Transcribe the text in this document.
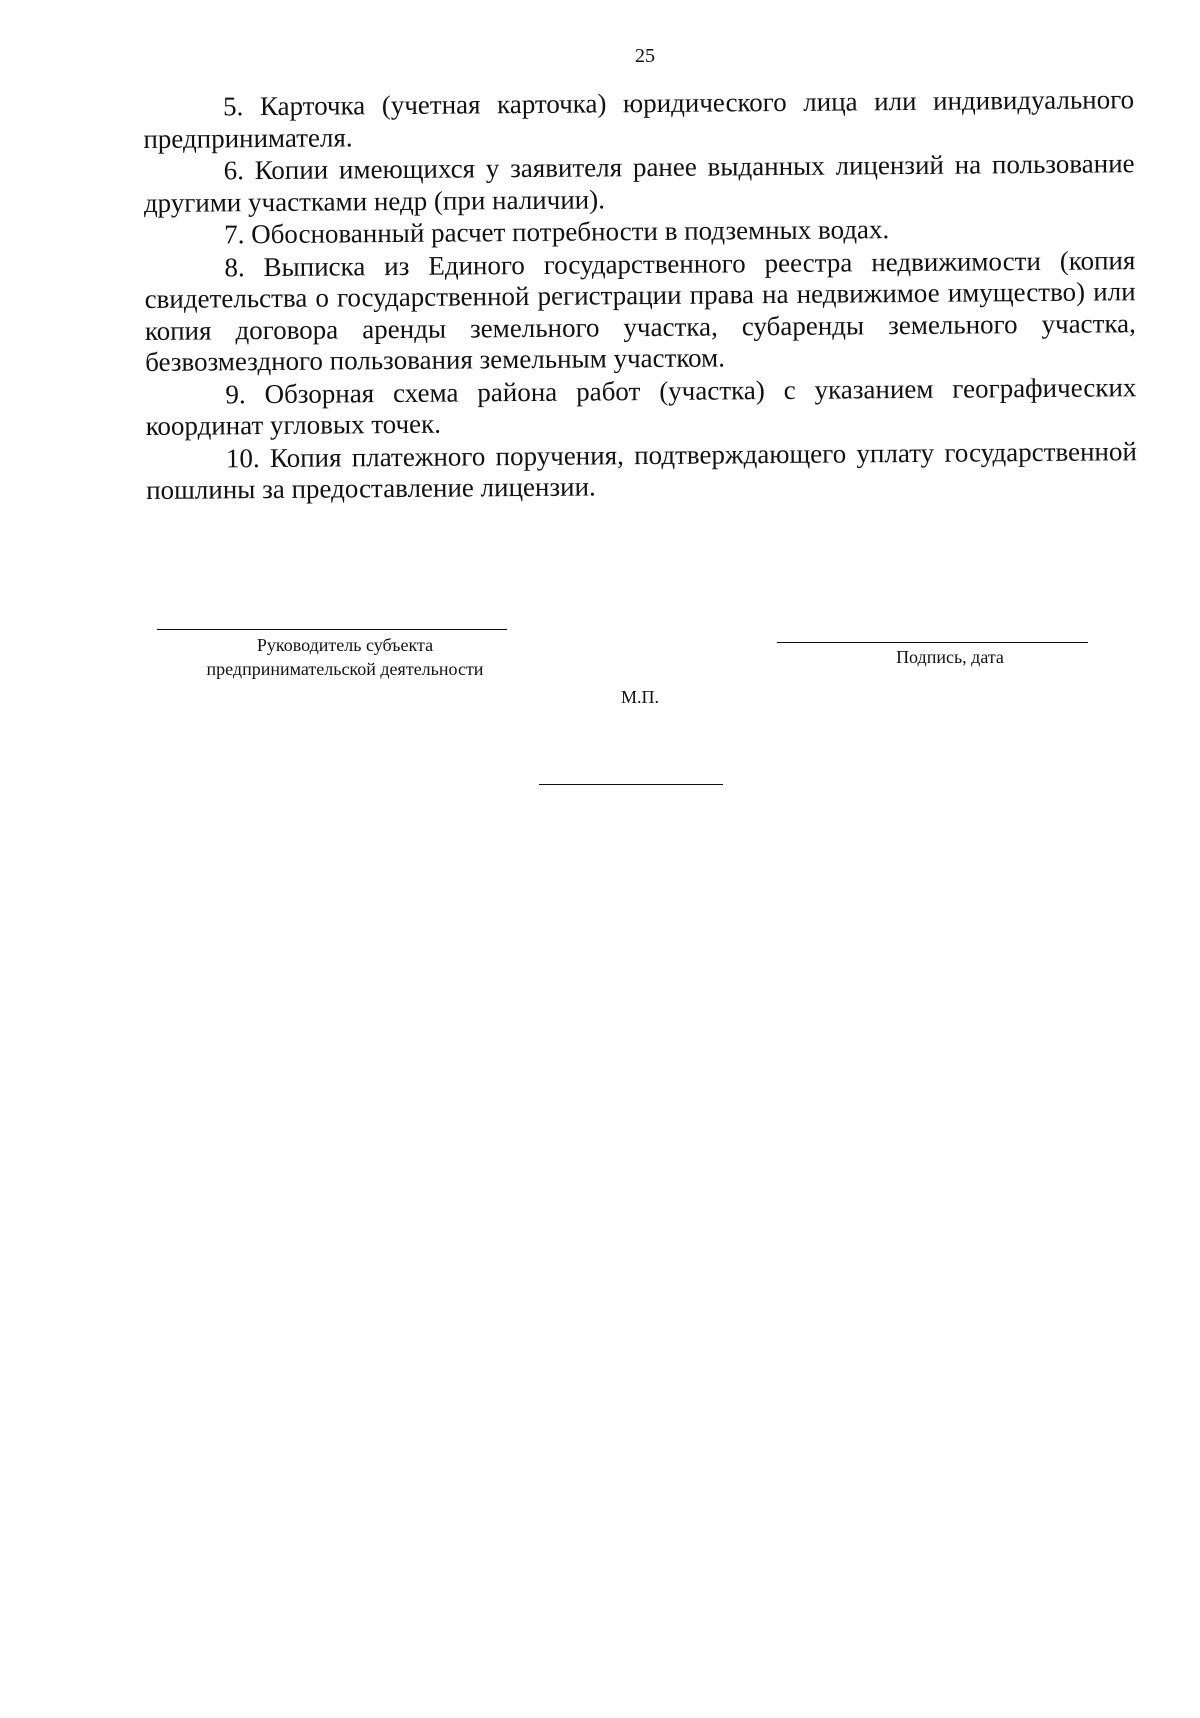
25

5. Карточка (учетная карточка) юридического лица или индивидуального предпринимателя.

6. Копии имеющихся у заявителя ранее выданных лицензий на пользование другими участками недр (при наличии).

7. Обоснованный расчет потребности в подземных водах.

8. Выписка из Единого государственного реестра недвижимости (копия свидетельства о государственной регистрации права на недвижимое имущество) или копия договора аренды земельного участка, субаренды земельного участка, безвозмездного пользования земельным участком.

9. Обзорная схема района работ (участка) с указанием географических координат угловых точек.

10. Копия платежного поручения, подтверждающего уплату государственной пошлины за предоставление лицензии.

Руководитель субъекта предпринимательской деятельности
Подпись, дата
М.П.
